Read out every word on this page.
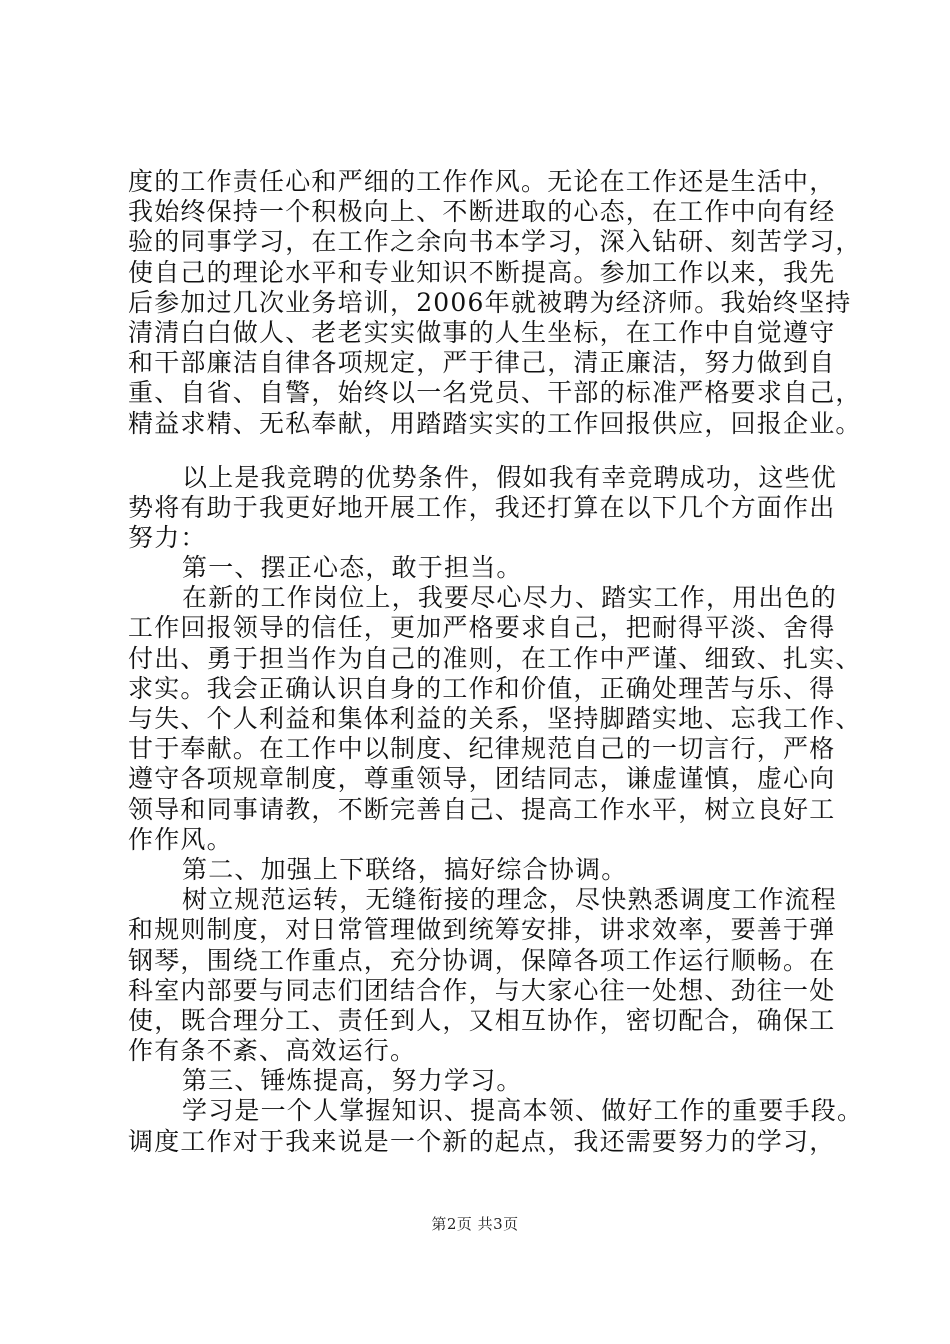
度的工作责任心和严细的工作作风。无论在工作还是生活中，
我始终保持一个积极向上、不断进取的心态，在工作中向有经
验的同事学习，在工作之余向书本学习，深入钻研、刻苦学习，
使自己的理论水平和专业知识不断提高。参加工作以来，我先
后参加过几次业务培训，2006年就被聘为经济师。我始终坚持
清清白白做人、老老实实做事的人生坐标，在工作中自觉遵守
和干部廉洁自律各项规定，严于律己，清正廉洁，努力做到自
重、自省、自警，始终以一名党员、干部的标准严格要求自己，
精益求精、无私奉献，用踏踏实实的工作回报供应，回报企业。
以上是我竞聘的优势条件，假如我有幸竞聘成功，这些优
势将有助于我更好地开展工作，我还打算在以下几个方面作出
努力：
第一、摆正心态，敢于担当。
在新的工作岗位上，我要尽心尽力、踏实工作，用出色的
工作回报领导的信任，更加严格要求自己，把耐得平淡、舍得
付出、勇于担当作为自己的准则，在工作中严谨、细致、扎实、
求实。我会正确认识自身的工作和价值，正确处理苦与乐、得
与失、个人利益和集体利益的关系，坚持脚踏实地、忘我工作、
甘于奉献。在工作中以制度、纪律规范自己的一切言行，严格
遵守各项规章制度，尊重领导，团结同志，谦虚谨慎，虚心向
领导和同事请教，不断完善自己、提高工作水平，树立良好工
作作风。
第二、加强上下联络，搞好综合协调。
树立规范运转，无缝衔接的理念，尽快熟悉调度工作流程
和规则制度，对日常管理做到统筹安排，讲求效率，要善于弹
钢琴，围绕工作重点，充分协调，保障各项工作运行顺畅。在
科室内部要与同志们团结合作，与大家心往一处想、劲往一处
使，既合理分工、责任到人，又相互协作，密切配合，确保工
作有条不紊、高效运行。
第三、锤炼提高，努力学习。
学习是一个人掌握知识、提高本领、做好工作的重要手段。
调度工作对于我来说是一个新的起点，我还需要努力的学习，
第2页 共3页
